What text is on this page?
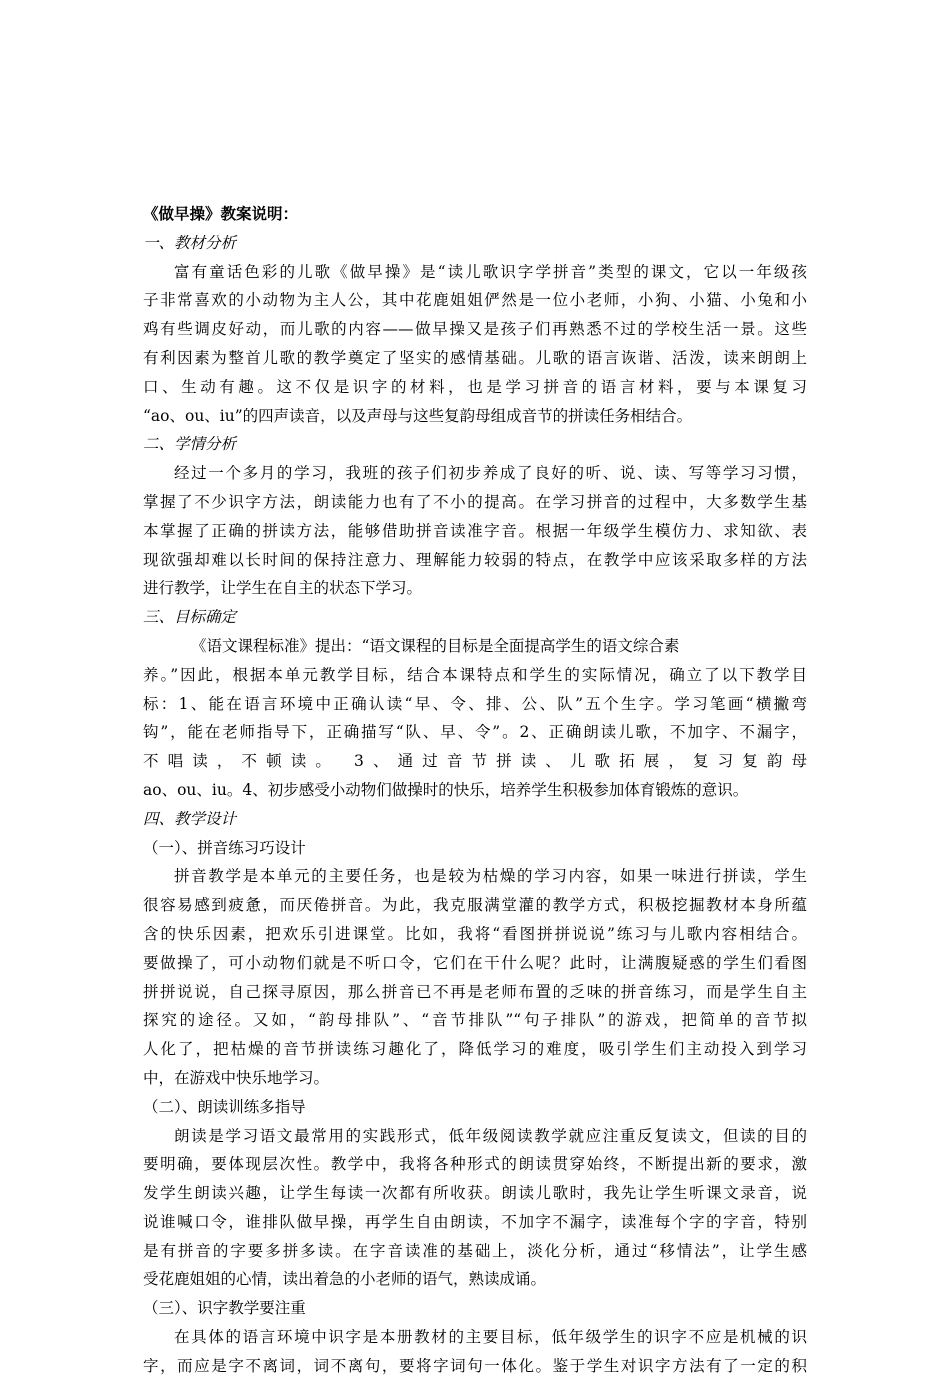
《做早操》教案说明：
一、教材分析
富有童话色彩的儿歌《做早操》是“读儿歌识字学拼音”类型的课文，它以一年级孩
子非常喜欢的小动物为主人公，其中花鹿姐姐俨然是一位小老师，小狗、小猫、小兔和小
鸡有些调皮好动，而儿歌的内容——做早操又是孩子们再熟悉不过的学校生活一景。这些
有利因素为整首儿歌的教学奠定了坚实的感情基础。儿歌的语言诙谐、活泼，读来朗朗上
口、生动有趣。这不仅是识字的材料，也是学习拼音的语言材料，要与本课复习
“ao、ou、iu”的四声读音，以及声母与这些复韵母组成音节的拼读任务相结合。
二、学情分析
经过一个多月的学习，我班的孩子们初步养成了良好的听、说、读、写等学习习惯，
掌握了不少识字方法，朗读能力也有了不小的提高。在学习拼音的过程中，大多数学生基
本掌握了正确的拼读方法，能够借助拼音读准字音。根据一年级学生模仿力、求知欲、表
现欲强却难以长时间的保持注意力、理解能力较弱的特点，在教学中应该采取多样的方法
进行教学，让学生在自主的状态下学习。
三、目标确定
《语文课程标准》提出：“语文课程的目标是全面提高学生的语文综合素
养。”因此，根据本单元教学目标，结合本课特点和学生的实际情况，确立了以下教学目
标：1、能在语言环境中正确认读“早、令、排、公、队”五个生字。学习笔画“横撇弯
钩”，能在老师指导下，正确描写“队、早、令”。2、正确朗读儿歌，不加字、不漏字，
不唱读，不顿读。 3、通过音节拼读、儿歌拓展，复习复韵母
ao、ou、iu。4、初步感受小动物们做操时的快乐，培养学生积极参加体育锻炼的意识。
四、教学设计
（一）、拼音练习巧设计
拼音教学是本单元的主要任务，也是较为枯燥的学习内容，如果一味进行拼读，学生
很容易感到疲惫，而厌倦拼音。为此，我克服满堂灌的教学方式，积极挖掘教材本身所蕴
含的快乐因素，把欢乐引进课堂。比如，我将“看图拼拼说说”练习与儿歌内容相结合。
要做操了，可小动物们就是不听口令，它们在干什么呢？此时，让满腹疑惑的学生们看图
拼拼说说，自己探寻原因，那么拼音已不再是老师布置的乏味的拼音练习，而是学生自主
探究的途径。又如，“韵母排队”、“音节排队”“句子排队”的游戏，把简单的音节拟
人化了，把枯燥的音节拼读练习趣化了，降低学习的难度，吸引学生们主动投入到学习
中，在游戏中快乐地学习。
（二）、朗读训练多指导
朗读是学习语文最常用的实践形式，低年级阅读教学就应注重反复读文，但读的目的
要明确，要体现层次性。教学中，我将各种形式的朗读贯穿始终，不断提出新的要求，激
发学生朗读兴趣，让学生每读一次都有所收获。朗读儿歌时，我先让学生听课文录音，说
说谁喊口令，谁排队做早操，再学生自由朗读，不加字不漏字，读准每个字的字音，特别
是有拼音的字要多拼多读。在字音读准的基础上，淡化分析，通过“移情法”，让学生感
受花鹿姐姐的心情，读出着急的小老师的语气，熟读成诵。
（三）、识字教学要注重
在具体的语言环境中识字是本册教材的主要目标，低年级学生的识字不应是机械的识
字，而应是字不离词，词不离句，要将字词句一体化。鉴于学生对识字方法有了一定的积
